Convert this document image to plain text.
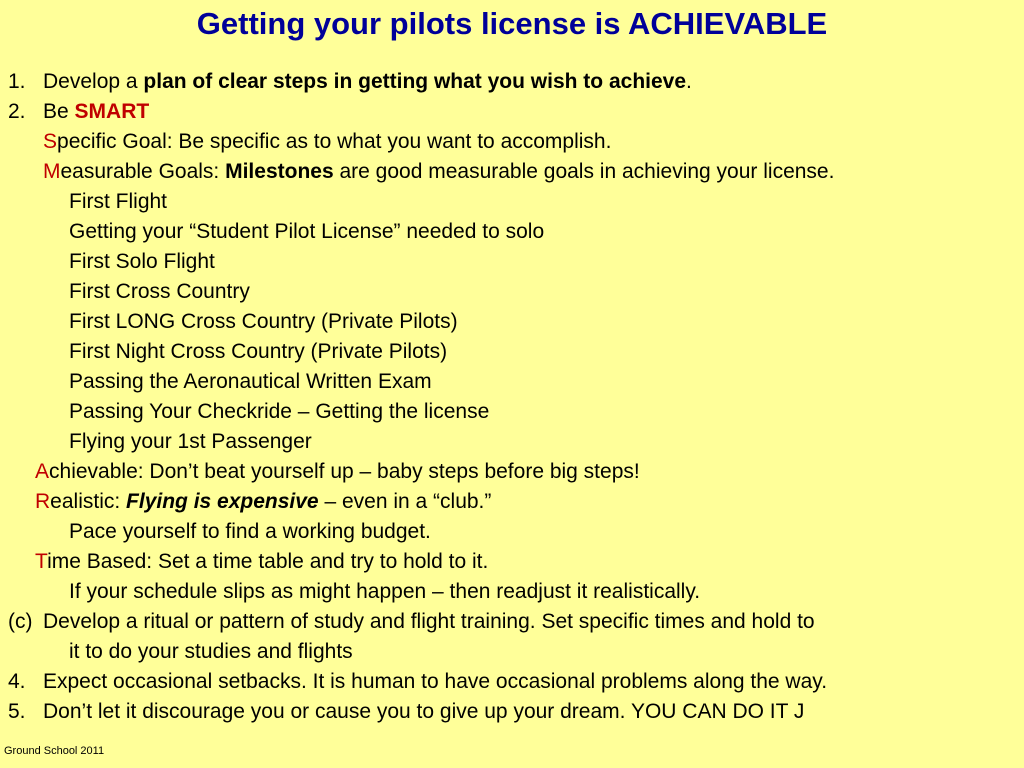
Getting your pilots license is ACHIEVABLE
1. Develop a plan of clear steps in getting what you wish to achieve.
2. Be SMART
Specific Goal: Be specific as to what you want to accomplish.
Measurable Goals: Milestones are good measurable goals in achieving your license.
First Flight
Getting your “Student Pilot License” needed to solo
First Solo Flight
First Cross Country
First LONG Cross Country (Private Pilots)
First Night Cross Country (Private Pilots)
Passing the Aeronautical Written Exam
Passing Your Checkride – Getting the license
Flying your 1st Passenger
Achievable: Don’t beat yourself up – baby steps before big steps!
Realistic: Flying is expensive – even in a “club.”
Pace yourself to find a working budget.
Time Based: Set a time table and try to hold to it.
If your schedule slips as might happen – then readjust it realistically.
(c) Develop a ritual or pattern of study and flight training. Set specific times and hold to
it to do your studies and flights
4. Expect occasional setbacks. It is human to have occasional problems along the way.
5. Don’t let it discourage you or cause you to give up your dream. YOU CAN DO IT J
Ground School 2011
